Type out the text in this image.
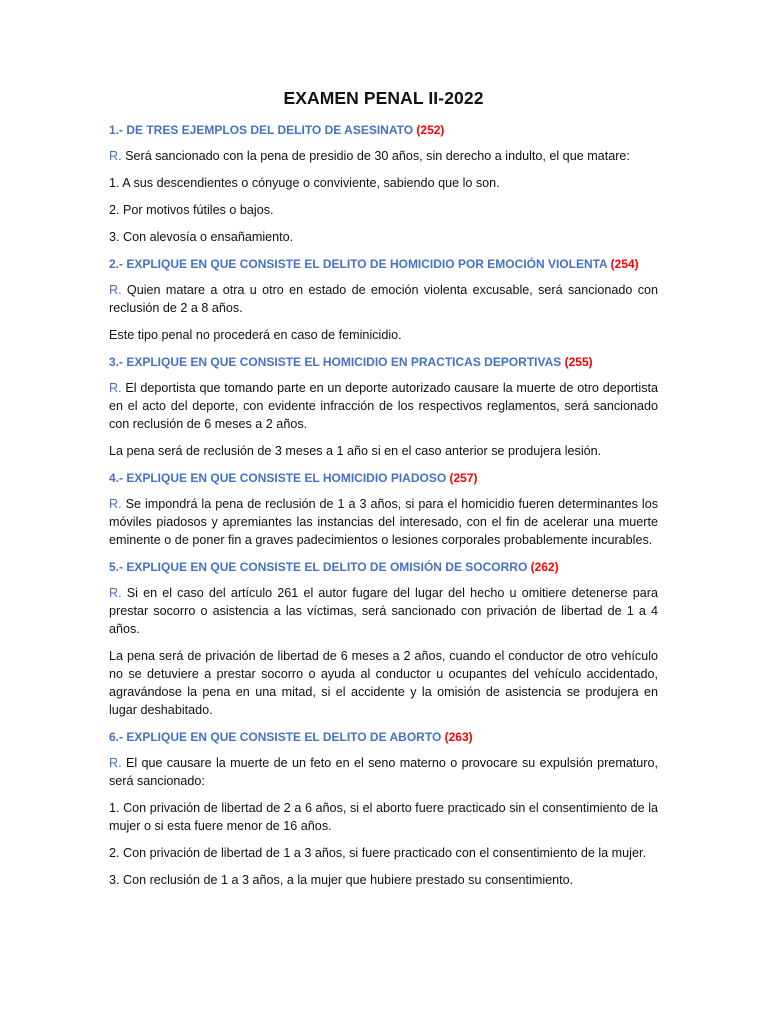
EXAMEN PENAL II-2022
1.- DE TRES EJEMPLOS DEL DELITO DE ASESINATO (252)

R. Será sancionado con la pena de presidio de 30 años, sin derecho a indulto, el que matare:

1. A sus descendientes o cónyuge o conviviente, sabiendo que lo son.

2. Por motivos fútiles o bajos.

3. Con alevosía o ensañamiento.

2.- EXPLIQUE EN QUE CONSISTE EL DELITO DE HOMICIDIO POR EMOCIÓN VIOLENTA (254)

R. Quien matare a otra u otro en estado de emoción violenta excusable, será sancionado con reclusión de 2 a 8 años.

Este tipo penal no procederá en caso de feminicidio.

3.- EXPLIQUE EN QUE CONSISTE EL HOMICIDIO EN PRACTICAS DEPORTIVAS (255)

R. El deportista que tomando parte en un deporte autorizado causare la muerte de otro deportista en el acto del deporte, con evidente infracción de los respectivos reglamentos, será sancionado con reclusión de 6 meses a 2 años.

La pena será de reclusión de 3 meses a 1 año si en el caso anterior se produjera lesión.

4.- EXPLIQUE EN QUE CONSISTE EL HOMICIDIO PIADOSO (257)

R. Se impondrá la pena de reclusión de 1 a 3 años, si para el homicidio fueren determinantes los móviles piadosos y apremiantes las instancias del interesado, con el fin de acelerar una muerte eminente o de poner fin a graves padecimientos o lesiones corporales probablemente incurables.

5.- EXPLIQUE EN QUE CONSISTE EL DELITO DE OMISIÓN DE SOCORRO (262)

R. Si en el caso del artículo 261 el autor fugare del lugar del hecho u omitiere detenerse para prestar socorro o asistencia a las víctimas, será sancionado con privación de libertad de 1 a 4 años.

La pena será de privación de libertad de 6 meses a 2 años, cuando el conductor de otro vehículo no se detuviere a prestar socorro o ayuda al conductor u ocupantes del vehículo accidentado, agravándose la pena en una mitad, si el accidente y la omisión de asistencia se produjera en lugar deshabitado.

6.- EXPLIQUE EN QUE CONSISTE EL DELITO DE ABORTO (263)

R. El que causare la muerte de un feto en el seno materno o provocare su expulsión prematuro, será sancionado:

1. Con privación de libertad de 2 a 6 años, si el aborto fuere practicado sin el consentimiento de la mujer o si esta fuere menor de 16 años.

2. Con privación de libertad de 1 a 3 años, si fuere practicado con el consentimiento de la mujer.

3. Con reclusión de 1 a 3 años, a la mujer que hubiere prestado su consentimiento.
